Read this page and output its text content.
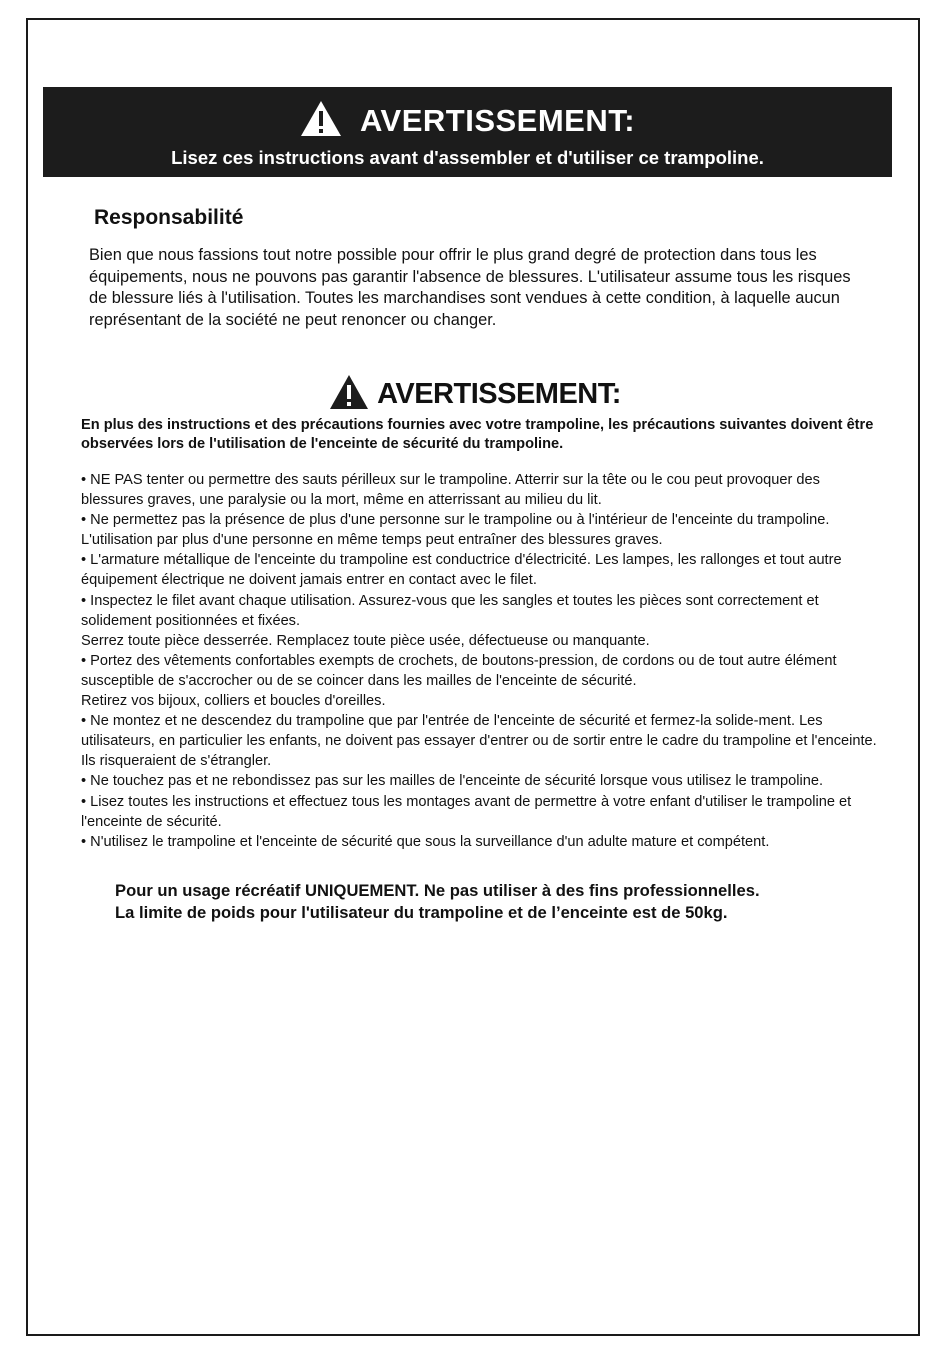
AVERTISSEMENT:
Lisez ces instructions avant d'assembler et d'utiliser ce trampoline.
Responsabilité
Bien que nous fassions tout notre possible pour offrir le plus grand degré de protection dans tous les équipements, nous ne pouvons pas garantir l'absence de blessures. L'utilisateur assume tous les risques de blessure liés à l'utilisation. Toutes les marchandises sont vendues à cette condition, à laquelle aucun représentant de la société ne peut renoncer ou changer.
AVERTISSEMENT:
En plus des instructions et des précautions fournies avec votre trampoline, les précautions suivantes doivent être observées lors de l'utilisation de l'enceinte de sécurité du trampoline.

• NE PAS tenter ou permettre des sauts périlleux sur le trampoline. Atterrir sur la tête ou le cou peut provoquer des blessures graves, une paralysie ou la mort, même en atterrissant au milieu du lit.

• Ne permettez pas la présence de plus d'une personne sur le trampoline ou à l'intérieur de l'enceinte du trampoline. L'utilisation par plus d'une personne en même temps peut entraîner des blessures graves.

• L'armature métallique de l'enceinte du trampoline est conductrice d'électricité. Les lampes, les rallonges et tout autre équipement électrique ne doivent jamais entrer en contact avec le filet.

• Inspectez le filet avant chaque utilisation. Assurez-vous que les sangles et toutes les pièces sont correctement et solidement positionnées et fixées.

Serrez toute pièce desserrée. Remplacez toute pièce usée, défectueuse ou manquante.

• Portez des vêtements confortables exempts de crochets, de boutons-pression, de cordons ou de tout autre élément susceptible de s'accrocher ou de se coincer dans les mailles de l'enceinte de sécurité.

Retirez vos bijoux, colliers et boucles d'oreilles.

• Ne montez et ne descendez du trampoline que par l'entrée de l'enceinte de sécurité et fermez-la solide-ment. Les utilisateurs, en particulier les enfants, ne doivent pas essayer d'entrer ou de sortir entre le cadre du trampoline et l'enceinte. Ils risqueraient de s'étrangler.

• Ne touchez pas et ne rebondissez pas sur les mailles de l'enceinte de sécurité lorsque vous utilisez le trampoline.

• Lisez toutes les instructions et effectuez tous les montages avant de permettre à votre enfant d'utiliser le trampoline et l'enceinte de sécurité.

• N'utilisez le trampoline et l'enceinte de sécurité que sous la surveillance d'un adulte mature et compétent.

Pour un usage récréatif UNIQUEMENT. Ne pas utiliser à des fins professionnelles.

La limite de poids pour l'utilisateur du trampoline et de l’enceinte est de 50kg.
